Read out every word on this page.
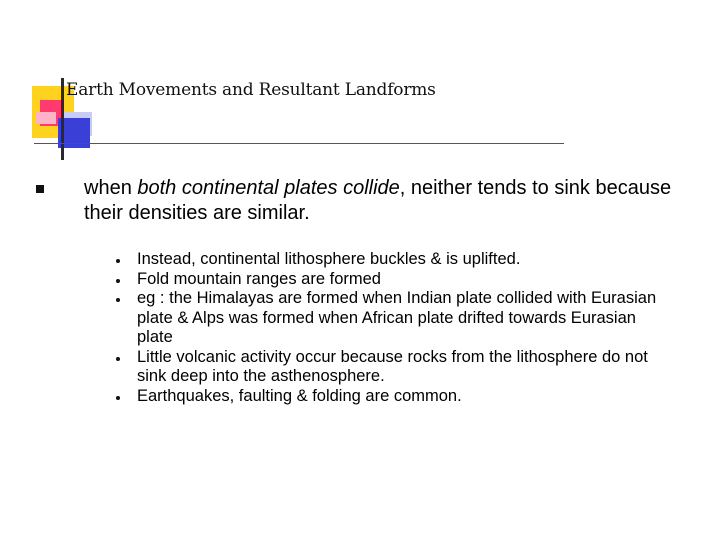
Earth Movements and Resultant Landforms
when both continental plates collide, neither tends to sink because their densities are similar.
Instead, continental lithosphere buckles & is uplifted.
Fold mountain ranges are formed
eg : the Himalayas are formed when Indian plate collided with Eurasian plate & Alps was formed when African plate drifted towards Eurasian plate
Little volcanic activity occur because rocks from the lithosphere do not sink deep into the asthenosphere.
Earthquakes, faulting & folding are common.
